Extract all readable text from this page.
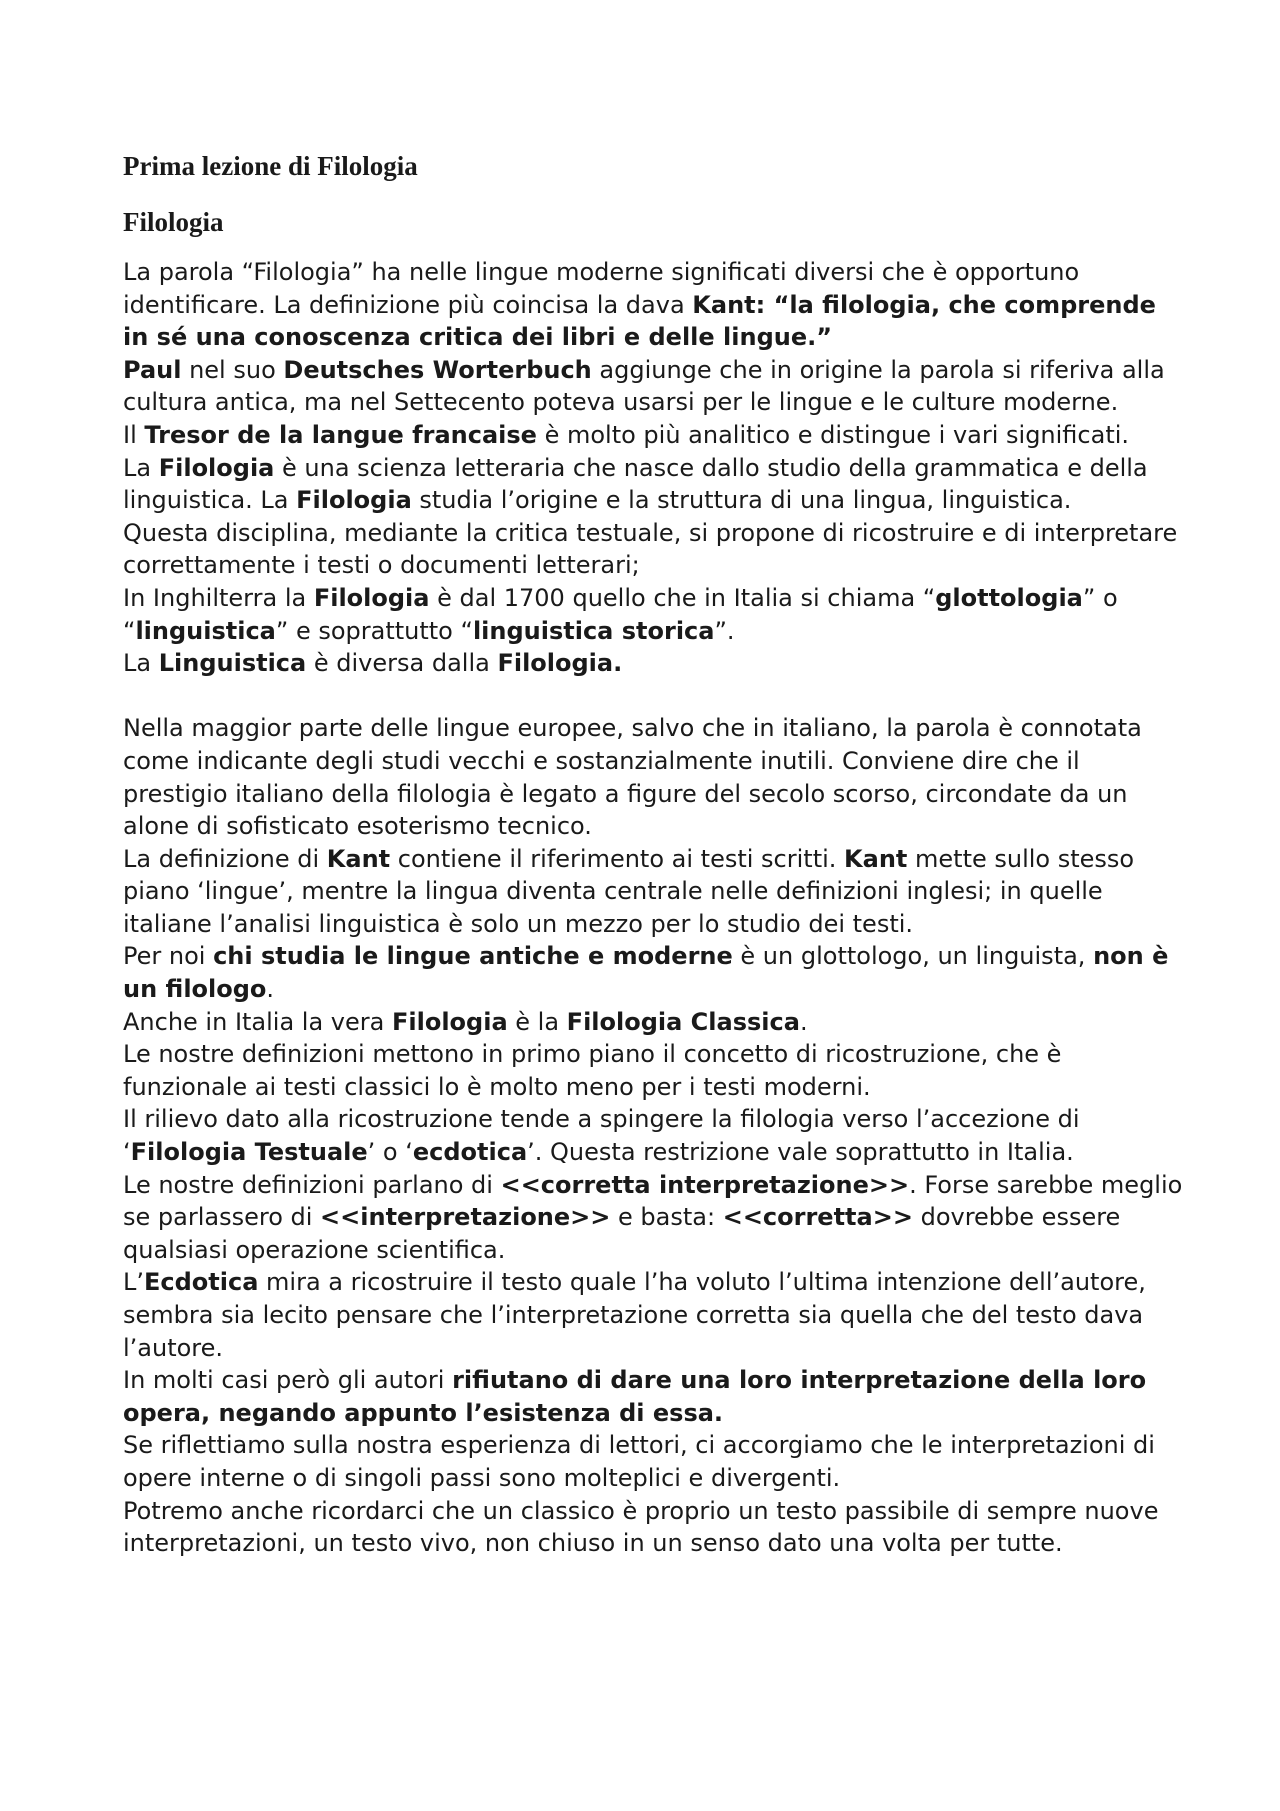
Prima lezione di Filologia
Filologia

La parola “Filologia” ha nelle lingue moderne significati diversi che è opportuno identificare. La definizione più coincisa la dava Kant: “la filologia, che comprende in sé una conoscenza critica dei libri e delle lingue.”

Paul nel suo Deutsches Worterbuch aggiunge che in origine la parola si riferiva alla cultura antica, ma nel Settecento poteva usarsi per le lingue e le culture moderne.

Il Tresor de la langue francaise è molto più analitico e distingue i vari significati.

La Filologia è una scienza letteraria che nasce dallo studio della grammatica e della linguistica. La Filologia studia l’origine e la struttura di una lingua, linguistica.

Questa disciplina, mediante la critica testuale, si propone di ricostruire e di interpretare correttamente i testi o documenti letterari;

In Inghilterra la Filologia è dal 1700 quello che in Italia si chiama “glottologia” o “linguistica” e soprattutto “linguistica storica”.

La Linguistica è diversa dalla Filologia.

Nella maggior parte delle lingue europee, salvo che in italiano, la parola è connotata come indicante degli studi vecchi e sostanzialmente inutili. Conviene dire che il prestigio italiano della filologia è legato a figure del secolo scorso, circondate da un alone di sofisticato esoterismo tecnico.

La definizione di Kant contiene il riferimento ai testi scritti. Kant mette sullo stesso piano ‘lingue’, mentre la lingua diventa centrale nelle definizioni inglesi; in quelle italiane l’analisi linguistica è solo un mezzo per lo studio dei testi.

Per noi chi studia le lingue antiche e moderne è un glottologo, un linguista, non è un filologo.

Anche in Italia la vera Filologia è la Filologia Classica.

Le nostre definizioni mettono in primo piano il concetto di ricostruzione, che è funzionale ai testi classici lo è molto meno per i testi moderni.

Il rilievo dato alla ricostruzione tende a spingere la filologia verso l’accezione di ‘Filologia Testuale’ o ‘ecdotica’. Questa restrizione vale soprattutto in Italia.

Le nostre definizioni parlano di <<corretta interpretazione>>. Forse sarebbe meglio se parlassero di <<interpretazione>> e basta: <<corretta>> dovrebbe essere qualsiasi operazione scientifica.

L’Ecdotica mira a ricostruire il testo quale l’ha voluto l’ultima intenzione dell’autore, sembra sia lecito pensare che l’interpretazione corretta sia quella che del testo dava l’autore.

In molti casi però gli autori rifiutano di dare una loro interpretazione della loro opera, negando appunto l’esistenza di essa.

Se riflettiamo sulla nostra esperienza di lettori, ci accorgiamo che le interpretazioni di opere interne o di singoli passi sono molteplici e divergenti.

Potremo anche ricordarci che un classico è proprio un testo passibile di sempre nuove interpretazioni, un testo vivo, non chiuso in un senso dato una volta per tutte.
